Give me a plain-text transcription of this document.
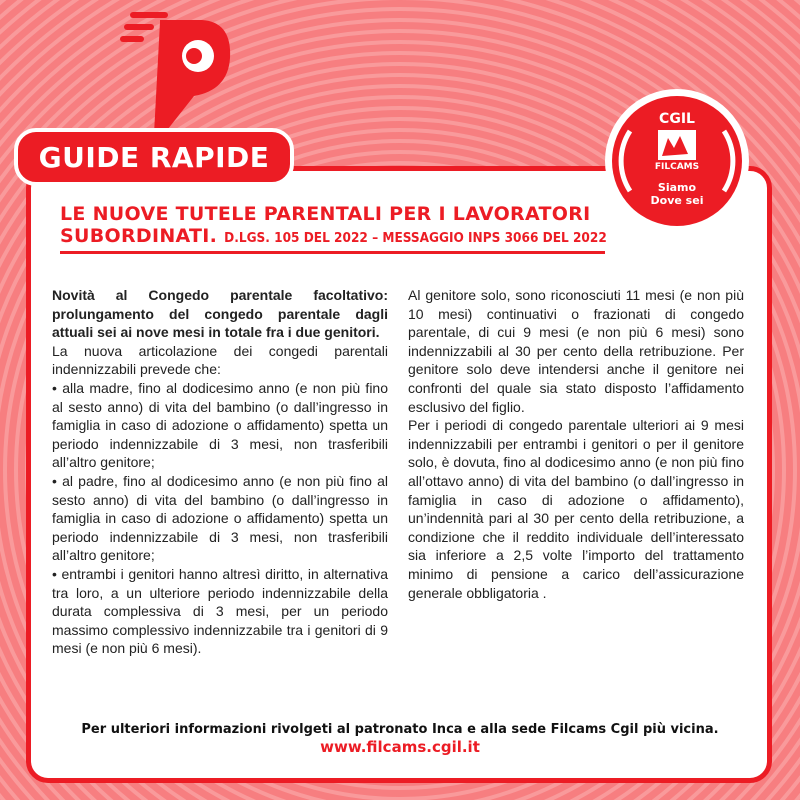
GUIDE RAPIDE
CGIL
FILCAMS
Siamo
Dove sei
LE NUOVE TUTELE PARENTALI PER I LAVORATORI
SUBORDINATI. D.LGS. 105 DEL 2022 – MESSAGGIO INPS 3066 DEL 2022

Novità al Congedo parentale facoltativo: prolungamento del congedo parentale dagli attuali sei ai nove mesi in totale fra i due genitori.

La nuova articolazione dei congedi parentali indennizzabili prevede che:

• alla madre, fino al dodicesimo anno (e non più fino al sesto anno) di vita del bambino (o dall’ingresso in famiglia in caso di adozione o affidamento) spetta un periodo indennizzabile di 3 mesi, non trasferibili all’altro genitore;

• al padre, fino al dodicesimo anno (e non più fino al sesto anno) di vita del bambino (o dall’ingresso in famiglia in caso di adozione o affidamento) spetta un periodo indennizzabile di 3 mesi, non trasferibili all’altro genitore;

• entrambi i genitori hanno altresì diritto, in alternativa tra loro, a un ulteriore periodo indennizzabile della durata complessiva di 3 mesi, per un periodo massimo complessivo indennizzabile tra i genitori di 9 mesi (e non più 6 mesi).

Al genitore solo, sono riconosciuti 11 mesi (e non più 10 mesi) continuativi o frazionati di congedo parentale, di cui 9 mesi (e non più 6 mesi) sono indennizzabili al 30 per cento della retribuzione. Per genitore solo deve intendersi anche il genitore nei confronti del quale sia stato disposto l’affidamento esclusivo del figlio.

Per i periodi di congedo parentale ulteriori ai 9 mesi indennizzabili per entrambi i genitori o per il genitore solo, è dovuta, fino al dodicesimo anno (e non più fino all’ottavo anno) di vita del bambino (o dall’ingresso in famiglia in caso di adozione o affidamento), un’indennità pari al 30 per cento della retribuzione, a condizione che il reddito individuale dell’interessato sia inferiore a 2,5 volte l’importo del trattamento minimo di pensione a carico dell’assicurazione generale obbligatoria .

Per ulteriori informazioni rivolgeti al patronato Inca e alla sede Filcams Cgil più vicina.
www.filcams.cgil.it
